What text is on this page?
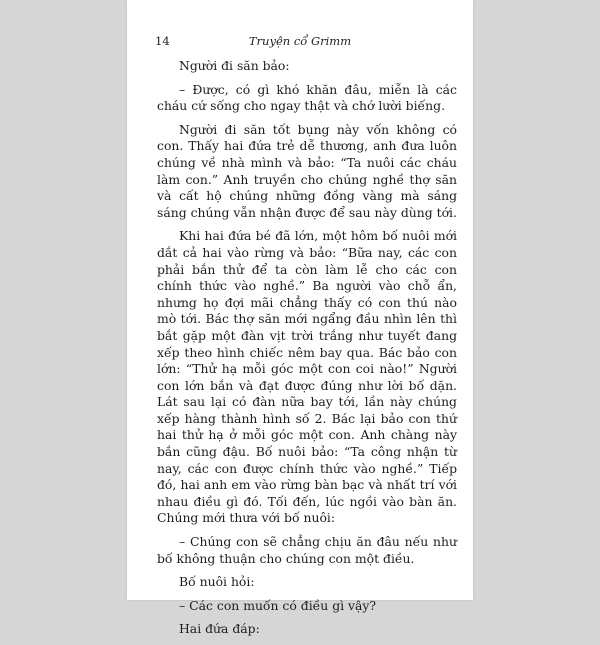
14	Truyện cổ Grimm

Người đi săn bảo:

– Được, có gì khó khăn đâu, miễn là các cháu cứ sống cho ngay thật và chớ lười biếng.

Người đi săn tốt bụng này vốn không có con. Thấy hai đứa trẻ dễ thương, anh đưa luôn chúng về nhà mình và bảo: “Ta nuôi các cháu làm con.” Anh truyền cho chúng nghề thợ săn và cất hộ chúng những đồng vàng mà sáng sáng chúng vẫn nhận được để sau này dùng tới.

Khi hai đứa bé đã lớn, một hôm bố nuôi mới dắt cả hai vào rừng và bảo: “Bữa nay, các con phải bắn thử để ta còn làm lễ cho các con chính thức vào nghề.” Ba người vào chỗ ẩn, nhưng họ đợi mãi chẳng thấy có con thú nào mò tới. Bác thợ săn mới ngẩng đầu nhìn lên thì bắt gặp một đàn vịt trời trắng như tuyết đang xếp theo hình chiếc nêm bay qua. Bác bảo con lớn: “Thử hạ mỗi góc một con coi nào!” Người con lớn bắn và đạt được đúng như lời bố dặn. Lát sau lại có đàn nữa bay tới, lần này chúng xếp hàng thành hình số 2. Bác lại bảo con thứ hai thử hạ ở mỗi góc một con. Anh chàng này bắn cũng đậu. Bố nuôi bảo: “Ta công nhận từ nay, các con được chính thức vào nghề.” Tiếp đó, hai anh em vào rừng bàn bạc và nhất trí với nhau điều gì đó. Tối đến, lúc ngồi vào bàn ăn. Chúng mới thưa với bố nuôi:

– Chúng con sẽ chẳng chịu ăn đâu nếu như bố không thuận cho chúng con một điều.

Bố nuôi hỏi:

– Các con muốn có điều gì vậy?

Hai đứa đáp:
